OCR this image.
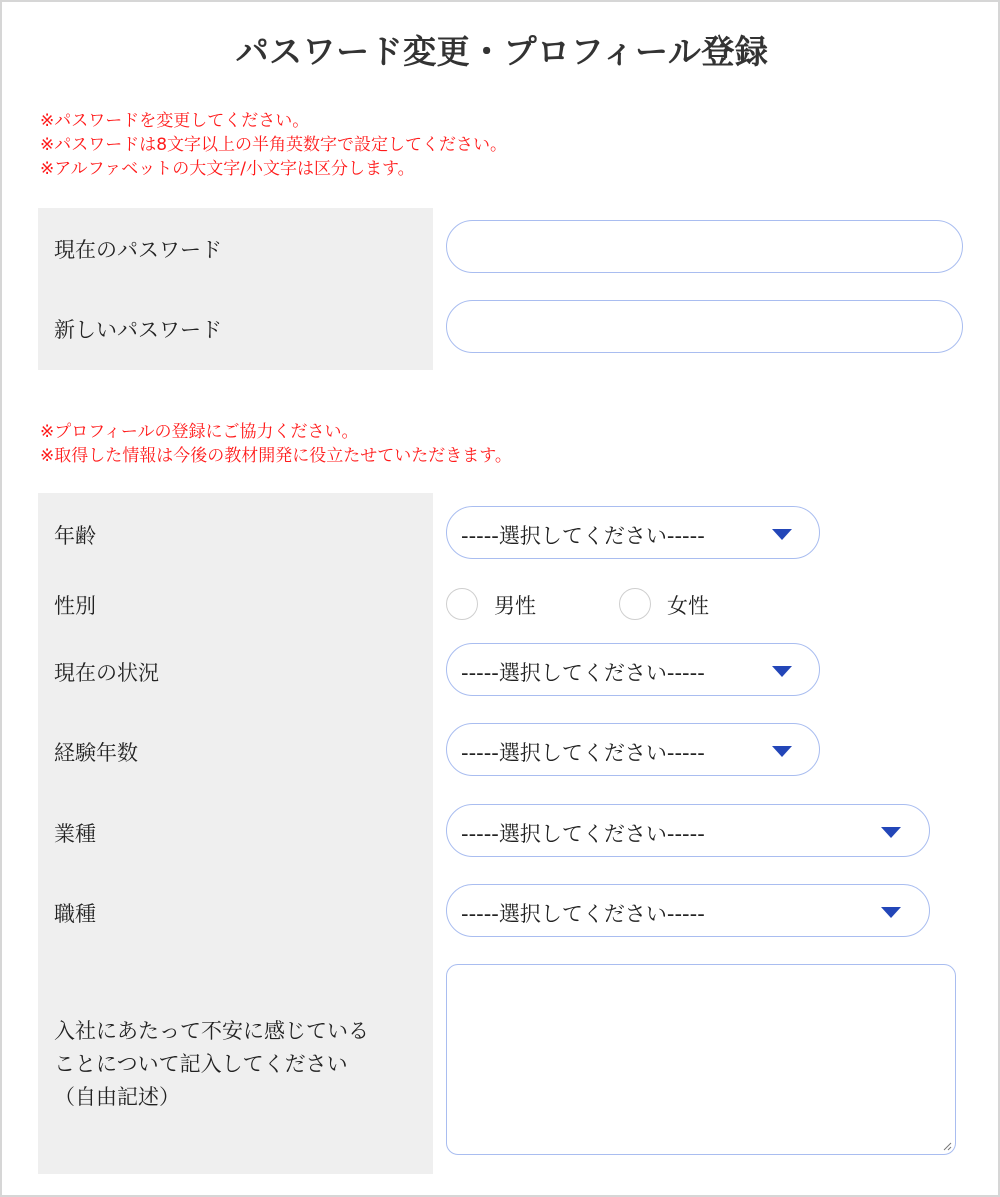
パスワード変更・プロフィール登録
※パスワードを変更してください。
※パスワードは8文字以上の半角英数字で設定してください。
※アルファベットの大文字/小文字は区分します。
現在のパスワード
新しいパスワード
※プロフィールの登録にご協力ください。
※取得した情報は今後の教材開発に役立たせていただきます。
年齢	-----選択してください-----
性別	男性	女性
現在の状況	-----選択してください-----
経験年数	-----選択してください-----
業種	-----選択してください-----
職種	-----選択してください-----
入社にあたって不安に感じている
ことについて記入してください
（自由記述）
